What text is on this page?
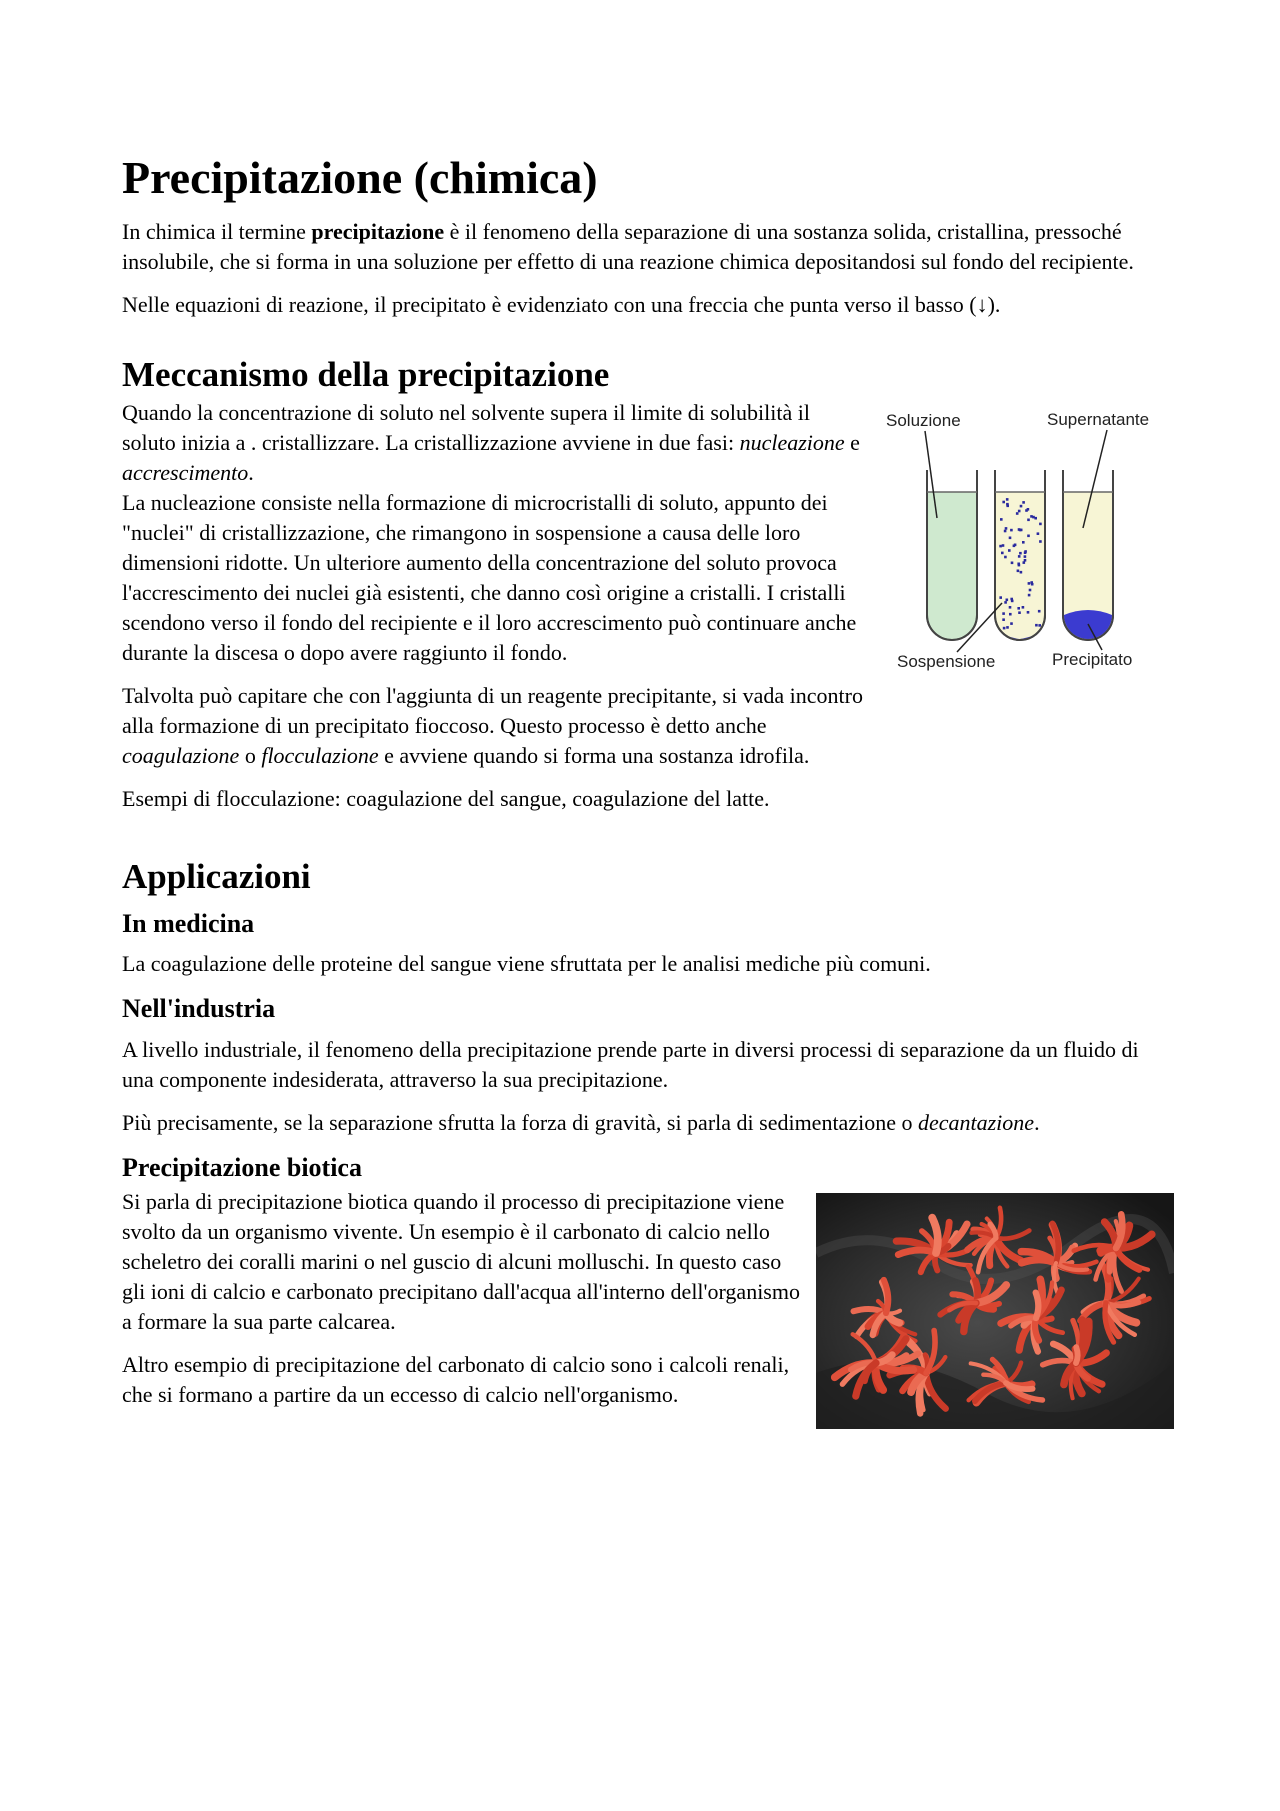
Precipitazione (chimica)

In chimica il termine precipitazione è il fenomeno della separazione di una sostanza solida, cristallina, pressoché insolubile, che si forma in una soluzione per effetto di una reazione chimica depositandosi sul fondo del recipiente.

Nelle equazioni di reazione, il precipitato è evidenziato con una freccia che punta verso il basso (↓).

Meccanismo della precipitazione
Soluzione	Supernatante
Sospensione	Precipitato

Quando la concentrazione di soluto nel solvente supera il limite di solubilità il soluto inizia a . cristallizzare. La cristallizzazione avviene in due fasi: nucleazione e accrescimento.
La nucleazione consiste nella formazione di microcristalli di soluto, appunto dei "nuclei" di cristallizzazione, che rimangono in sospensione a causa delle loro dimensioni ridotte. Un ulteriore aumento della concentrazione del soluto provoca l'accrescimento dei nuclei già esistenti, che danno così origine a cristalli. I cristalli scendono verso il fondo del recipiente e il loro accrescimento può continuare anche durante la discesa o dopo avere raggiunto il fondo.

Talvolta può capitare che con l'aggiunta di un reagente precipitante, si vada incontro alla formazione di un precipitato fioccoso. Questo processo è detto anche coagulazione o flocculazione e avviene quando si forma una sostanza idrofila.

Esempi di flocculazione: coagulazione del sangue, coagulazione del latte.

Applicazioni
In medicina

La coagulazione delle proteine del sangue viene sfruttata per le analisi mediche più comuni.

Nell'industria

A livello industriale, il fenomeno della precipitazione prende parte in diversi processi di separazione da un fluido di una componente indesiderata, attraverso la sua precipitazione.

Più precisamente, se la separazione sfrutta la forza di gravità, si parla di sedimentazione o decantazione.

Precipitazione biotica

Si parla di precipitazione biotica quando il processo di precipitazione viene svolto da un organismo vivente. Un esempio è il carbonato di calcio nello scheletro dei coralli marini o nel guscio di alcuni molluschi. In questo caso gli ioni di calcio e carbonato precipitano dall'acqua all'interno dell'organismo a formare la sua parte calcarea.

Altro esempio di precipitazione del carbonato di calcio sono i calcoli renali, che si formano a partire da un eccesso di calcio nell'organismo.
